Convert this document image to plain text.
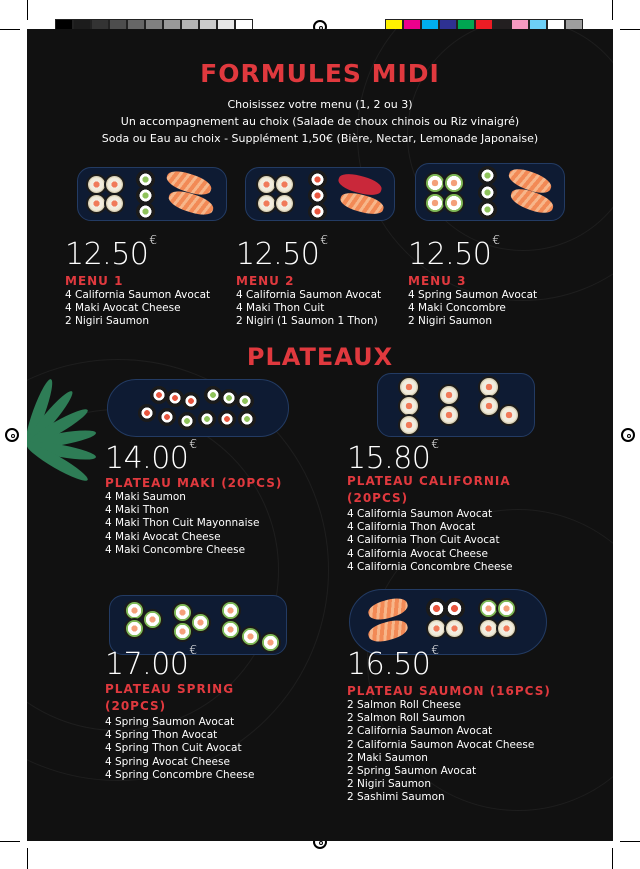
FORMULES MIDI
Choisissez votre menu (1, 2 ou 3)
Un accompagnement au choix (Salade de choux chinois ou Riz vinaigré)
Soda ou Eau au choix - Supplément 1,50€ (Bière, Nectar, Lemonade Japonaise)
12.50€
MENU 1
4 California Saumon Avocat
4 Maki Avocat Cheese
2 Nigiri Saumon
12.50€
MENU 2
4 California Saumon Avocat
4 Maki Thon Cuit
2 Nigiri (1 Saumon 1 Thon)
12.50€
MENU 3
4 Spring Saumon Avocat
4 Maki Concombre
2 Nigiri Saumon
PLATEAUX
14.00€
PLATEAU MAKI (20PCS)
4 Maki Saumon
4 Maki Thon
4 Maki Thon Cuit Mayonnaise
4 Maki Avocat Cheese
4 Maki Concombre Cheese
15.80€
PLATEAU CALIFORNIA
(20PCS)
4 California Saumon Avocat
4 California Thon Avocat
4 California Thon Cuit Avocat
4 California Avocat Cheese
4 California Concombre Cheese
17.00€
PLATEAU SPRING
(20PCS)
4 Spring Saumon Avocat
4 Spring Thon Avocat
4 Spring Thon Cuit Avocat
4 Spring Avocat Cheese
4 Spring Concombre Cheese
16.50€
PLATEAU SAUMON (16PCS)
2 Salmon Roll Cheese
2 Salmon Roll Saumon
2 California Saumon Avocat
2 California Saumon Avocat Cheese
2 Maki Saumon
2 Spring Saumon Avocat
2 Nigiri Saumon
2 Sashimi Saumon
